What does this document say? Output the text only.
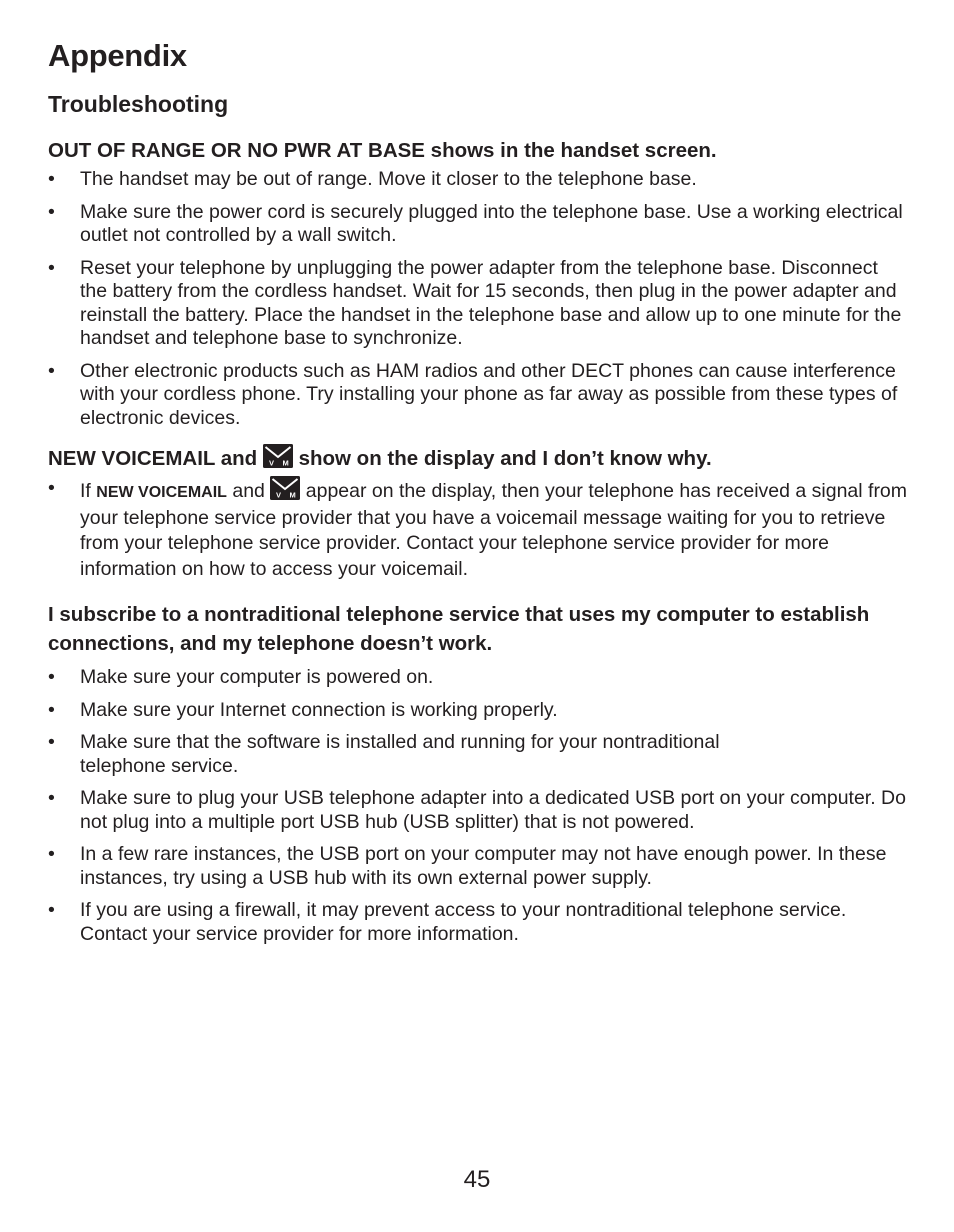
Appendix
Troubleshooting
OUT OF RANGE OR NO PWR AT BASE shows in the handset screen.
• The handset may be out of range. Move it closer to the telephone base.
• Make sure the power cord is securely plugged into the telephone base. Use a working electrical outlet not controlled by a wall switch.
• Reset your telephone by unplugging the power adapter from the telephone base. Disconnect the battery from the cordless handset. Wait for 15 seconds, then plug in the power adapter and reinstall the battery. Place the handset in the telephone base and allow up to one minute for the handset and telephone base to synchronize.
• Other electronic products such as HAM radios and other DECT phones can cause interference with your cordless phone. Try installing your phone as far away as possible from these types of electronic devices.
NEW VOICEMAIL and V M show on the display and I don’t know why.
• If NEW VOICEMAIL and V M appear on the display, then your telephone has received a signal from your telephone service provider that you have a voicemail message waiting for you to retrieve from your telephone service provider. Contact your telephone service provider for more information on how to access your voicemail.
I subscribe to a nontraditional telephone service that uses my computer to establish connections, and my telephone doesn’t work.
• Make sure your computer is powered on.
• Make sure your Internet connection is working properly.
• Make sure that the software is installed and running for your nontraditional telephone service.
• Make sure to plug your USB telephone adapter into a dedicated USB port on your computer. Do not plug into a multiple port USB hub (USB splitter) that is not powered.
• In a few rare instances, the USB port on your computer may not have enough power. In these instances, try using a USB hub with its own external power supply.
• If you are using a firewall, it may prevent access to your nontraditional telephone service. Contact your service provider for more information.
45
